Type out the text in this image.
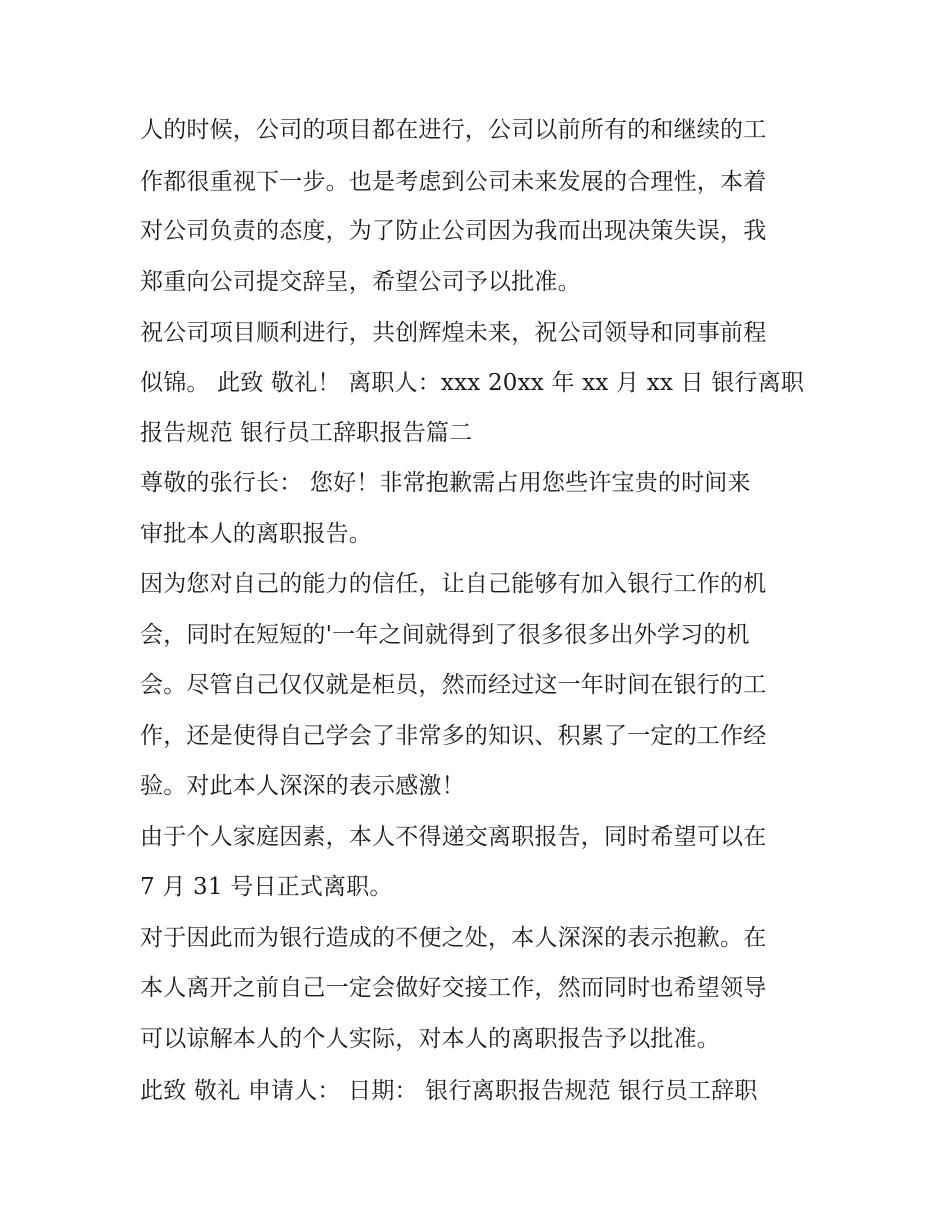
人的时候，公司的项目都在进行，公司以前所有的和继续的工
作都很重视下一步。也是考虑到公司未来发展的合理性，本着
对公司负责的态度，为了防止公司因为我而出现决策失误，我
郑重向公司提交辞呈，希望公司予以批准。
祝公司项目顺利进行，共创辉煌未来，祝公司领导和同事前程
似锦。 此致 敬礼！ 离职人：xxx 20xx 年 xx 月 xx 日 银行离职
报告规范 银行员工辞职报告篇二
尊敬的张行长： 您好！非常抱歉需占用您些许宝贵的时间来
审批本人的离职报告。
因为您对自己的能力的信任，让自己能够有加入银行工作的机
会，同时在短短的'一年之间就得到了很多很多出外学习的机
会。尽管自己仅仅就是柜员，然而经过这一年时间在银行的工
作，还是使得自己学会了非常多的知识、积累了一定的工作经
验。对此本人深深的表示感激！
由于个人家庭因素，本人不得递交离职报告，同时希望可以在
7 月 31 号日正式离职。
对于因此而为银行造成的不便之处，本人深深的表示抱歉。在
本人离开之前自己一定会做好交接工作，然而同时也希望领导
可以谅解本人的个人实际，对本人的离职报告予以批准。
此致 敬礼 申请人： 日期： 银行离职报告规范 银行员工辞职
